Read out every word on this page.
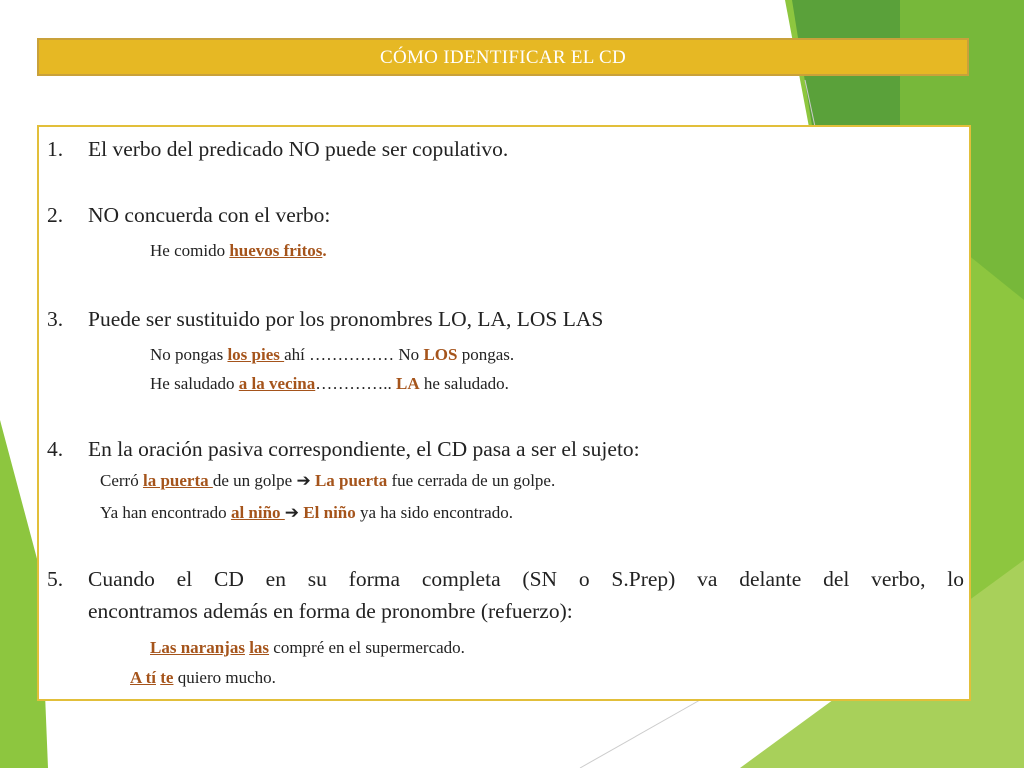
CÓMO IDENTIFICAR EL CD
1. El verbo del predicado NO puede ser copulativo.
2. NO concuerda con el verbo:
He comido huevos fritos.
3. Puede ser sustituido por los pronombres LO, LA, LOS LAS
No pongas los pies ahí …………… No LOS pongas.
He saludado a la vecina………….. LA he saludado.
4. En la oración pasiva correspondiente, el CD pasa a ser el sujeto:
Cerró la puerta de un golpe ➔ La puerta fue cerrada de un golpe.
Ya han encontrado al niño ➔ El niño ya ha sido encontrado.
5. Cuando el CD en su forma completa (SN o S.Prep) va delante del verbo, lo
encontramos además en forma de pronombre (refuerzo):
Las naranjas las compré en el supermercado.
A tí te quiero mucho.
